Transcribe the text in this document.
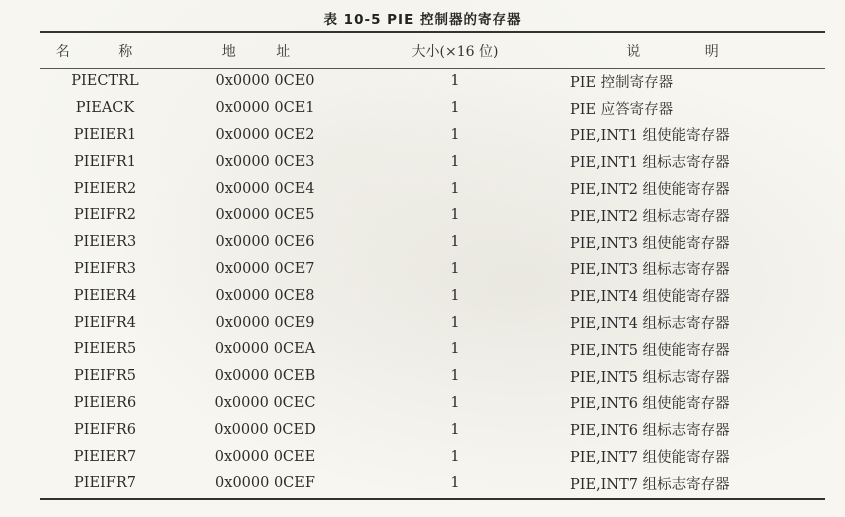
表 10-5 PIE 控制器的寄存器
名 称	地 址	大小(×16 位)	说 明
PIECTRL	0x0000 0CE0	1	PIE 控制寄存器
PIEACK	0x0000 0CE1	1	PIE 应答寄存器
PIEIER1	0x0000 0CE2	1	PIE,INT1 组使能寄存器
PIEIFR1	0x0000 0CE3	1	PIE,INT1 组标志寄存器
PIEIER2	0x0000 0CE4	1	PIE,INT2 组使能寄存器
PIEIFR2	0x0000 0CE5	1	PIE,INT2 组标志寄存器
PIEIER3	0x0000 0CE6	1	PIE,INT3 组使能寄存器
PIEIFR3	0x0000 0CE7	1	PIE,INT3 组标志寄存器
PIEIER4	0x0000 0CE8	1	PIE,INT4 组使能寄存器
PIEIFR4	0x0000 0CE9	1	PIE,INT4 组标志寄存器
PIEIER5	0x0000 0CEA	1	PIE,INT5 组使能寄存器
PIEIFR5	0x0000 0CEB	1	PIE,INT5 组标志寄存器
PIEIER6	0x0000 0CEC	1	PIE,INT6 组使能寄存器
PIEIFR6	0x0000 0CED	1	PIE,INT6 组标志寄存器
PIEIER7	0x0000 0CEE	1	PIE,INT7 组使能寄存器
PIEIFR7	0x0000 0CEF	1	PIE,INT7 组标志寄存器
